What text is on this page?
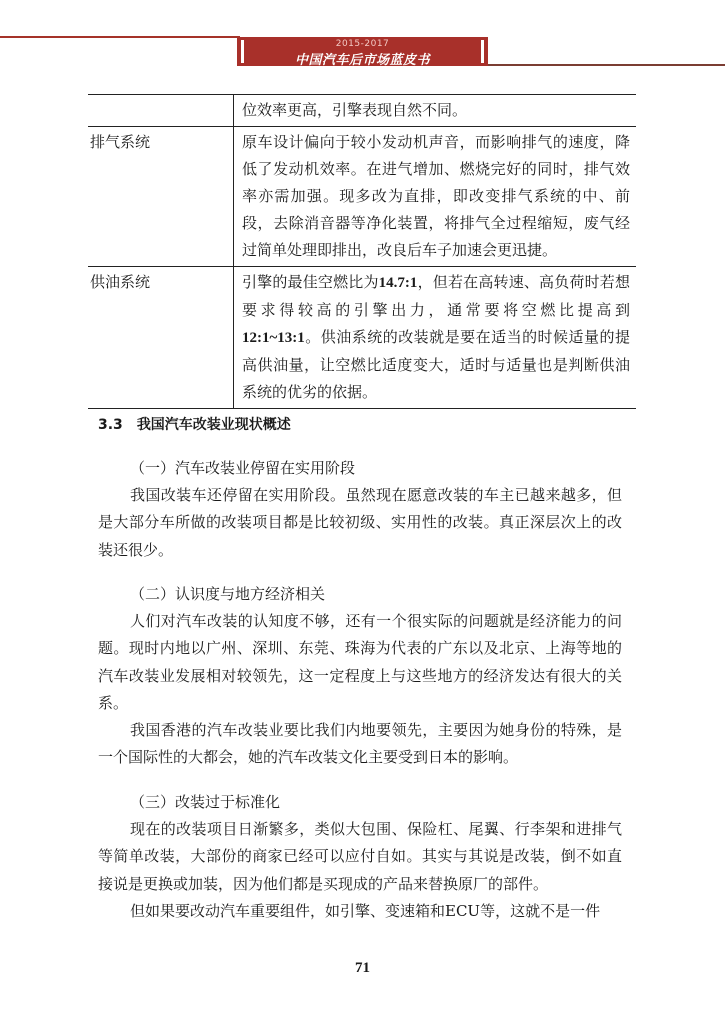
2015-2017
中国汽车后市场蓝皮书
	位效率更高，引擎表现自然不同。
排气系统	原车设计偏向于较小发动机声音，而影响排气的速度，降低了发动机效率。在进气增加、燃烧完好的同时，排气效率亦需加强。现多改为直排，即改变排气系统的中、前段，去除消音器等净化装置，将排气全过程缩短，废气经过简单处理即排出，改良后车子加速会更迅捷。
供油系统	引擎的最佳空燃比为14.7:1，但若在高转速、高负荷时若想要求得较高的引擎出力，通常要将空燃比提高到12:1~13:1。供油系统的改装就是要在适当的时候适量的提高供油量，让空燃比适度变大，适时与适量也是判断供油系统的优劣的依据。
3.3 我国汽车改装业现状概述

（一）汽车改装业停留在实用阶段

我国改装车还停留在实用阶段。虽然现在愿意改装的车主已越来越多，但是大部分车所做的改装项目都是比较初级、实用性的改装。真正深层次上的改装还很少。

（二）认识度与地方经济相关

人们对汽车改装的认知度不够，还有一个很实际的问题就是经济能力的问题。现时内地以广州、深圳、东莞、珠海为代表的广东以及北京、上海等地的汽车改装业发展相对较领先，这一定程度上与这些地方的经济发达有很大的关系。

我国香港的汽车改装业要比我们内地要领先，主要因为她身份的特殊，是一个国际性的大都会，她的汽车改装文化主要受到日本的影响。

（三）改装过于标准化

现在的改装项目日渐繁多，类似大包围、保险杠、尾翼、行李架和进排气等简单改装，大部份的商家已经可以应付自如。其实与其说是改装，倒不如直接说是更换或加装，因为他们都是买现成的产品来替换原厂的部件。

但如果要改动汽车重要组件，如引擎、变速箱和ECU等，这就不是一件

71
